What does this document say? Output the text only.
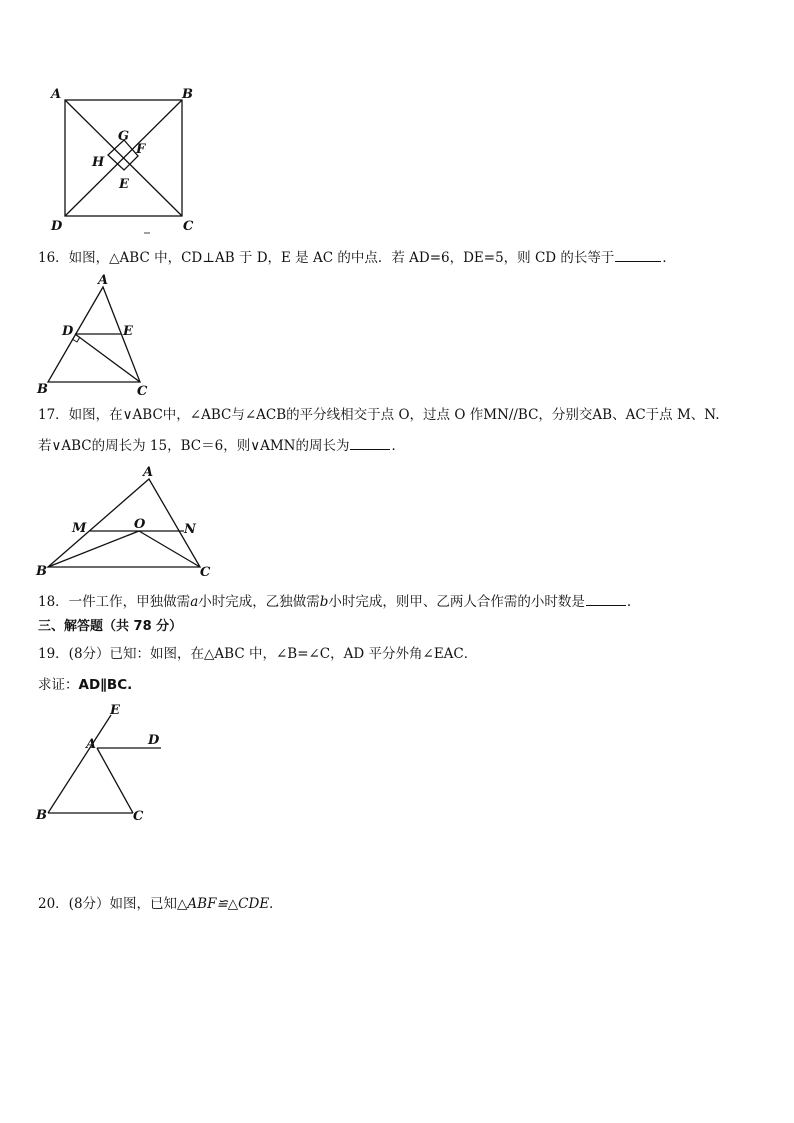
A	B
G
H
F
E
D	C
16．如图，△ABC 中，CD⊥AB 于 D，E 是 AC 的中点．若 AD=6，DE=5，则 CD 的长等于	．
A
D	E
B	C
17．如图，在∨ABC中，∠ABC与∠ACB的平分线相交于点 O，过点 O 作MN//BC，分别交AB、AC于点 M、N.
若∨ABC的周长为 15，BC＝6，则∨AMN的周长为	．
A
M	O	N
B	C
18．一件工作，甲独做需a小时完成，乙独做需b小时完成，则甲、乙两人合作需的小时数是	.
三、解答题（共 78 分）
19．(8分）已知：如图，在△ABC 中，∠B=∠C，AD 平分外角∠EAC．
求证：AD∥BC.
E
A	D
B	C
20．(8分）如图，已知△ABF≌△CDE．
